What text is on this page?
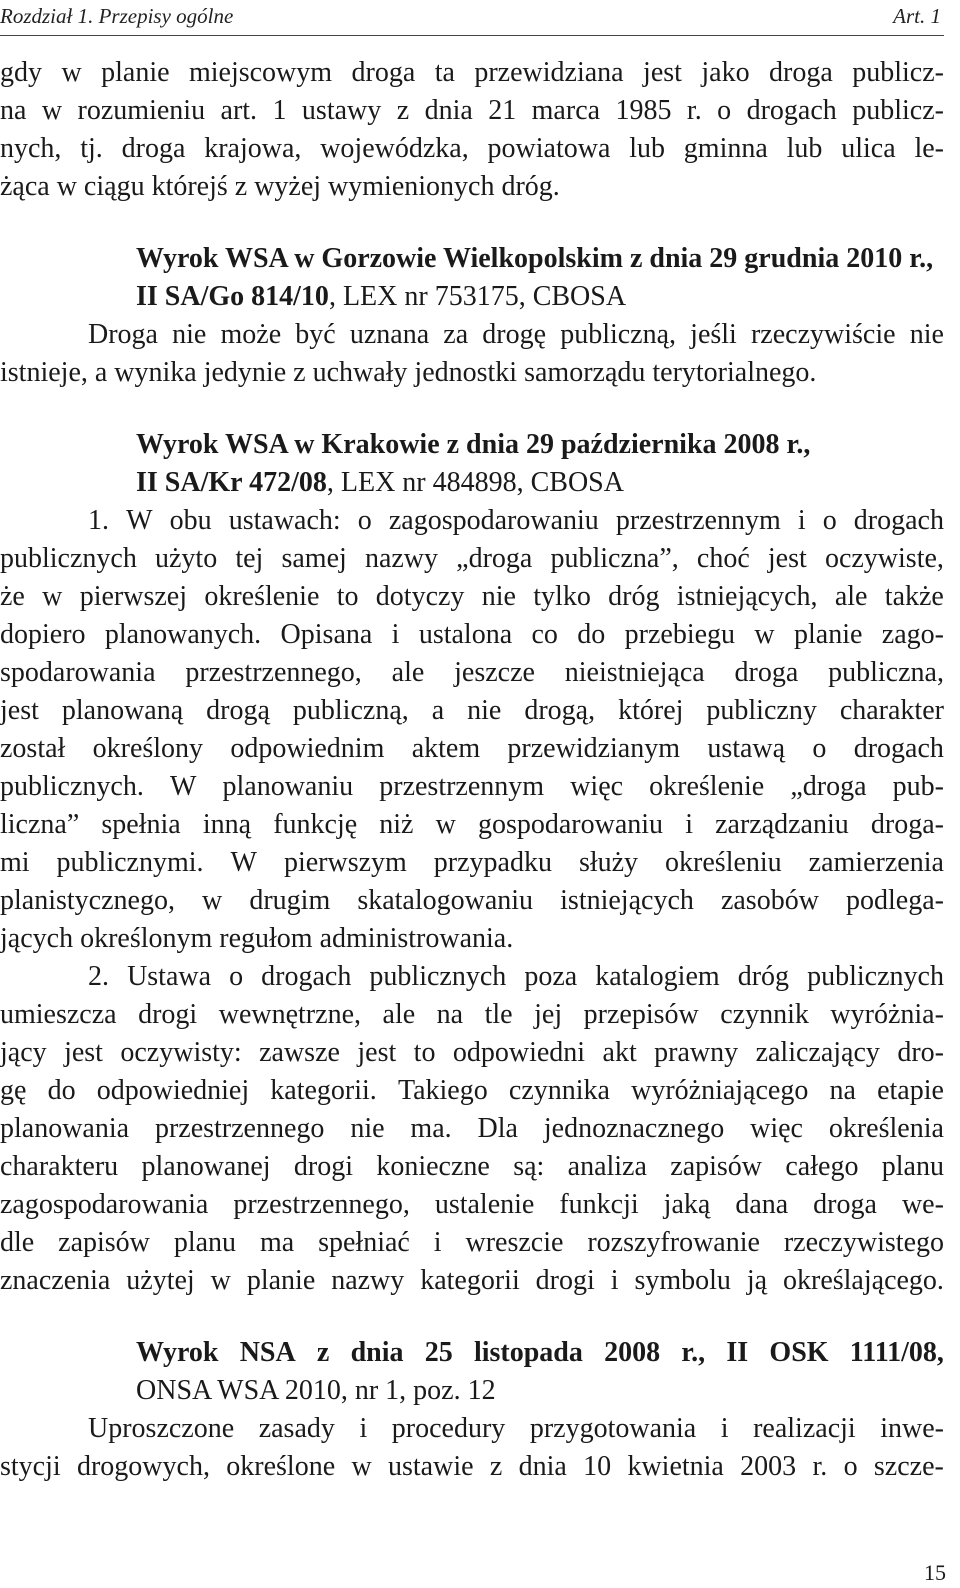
Rozdział 1. Przepisy ogólne	Art. 1
gdy w planie miejscowym droga ta przewidziana jest jako droga publicz-
na w rozumieniu art. 1 ustawy z dnia 21 marca 1985 r. o drogach publicz-
nych, tj. droga krajowa, wojewódzka, powiatowa lub gminna lub ulica le-
żąca w ciągu którejś z wyżej wymienionych dróg.
Wyrok WSA w Gorzowie Wielkopolskim z dnia 29 grudnia 2010 r.,
II SA/Go 814/10 , LEX nr 753175, CBOSA
Droga nie może być uznana za drogę publiczną, jeśli rzeczywiście nie
istnieje, a wynika jedynie z uchwały jednostki samorządu terytorialnego.
Wyrok WSA w Krakowie z dnia 29 października 2008 r.,
II SA/Kr 472/08 , LEX nr 484898, CBOSA
1. W obu ustawach: o zagospodarowaniu przestrzennym i o drogach
publicznych użyto tej samej nazwy „droga publiczna”, choć jest oczywiste,
że w pierwszej określenie to dotyczy nie tylko dróg istniejących, ale także
dopiero planowanych. Opisana i ustalona co do przebiegu w planie zago-
spodarowania przestrzennego, ale jeszcze nieistniejąca droga publiczna,
jest planowaną drogą publiczną, a nie drogą, której publiczny charakter
został określony odpowiednim aktem przewidzianym ustawą o drogach
publicznych. W planowaniu przestrzennym więc określenie „droga pub-
liczna” spełnia inną funkcję niż w gospodarowaniu i zarządzaniu droga-
mi publicznymi. W pierwszym przypadku służy określeniu zamierzenia
planistycznego, w drugim skatalogowaniu istniejących zasobów podlega-
jących określonym regułom administrowania.
2. Ustawa o drogach publicznych poza katalogiem dróg publicznych
umieszcza drogi wewnętrzne, ale na tle jej przepisów czynnik wyróżnia-
jący jest oczywisty: zawsze jest to odpowiedni akt prawny zaliczający dro-
gę do odpowiedniej kategorii. Takiego czynnika wyróżniającego na etapie
planowania przestrzennego nie ma. Dla jednoznacznego więc określenia
charakteru planowanej drogi konieczne są: analiza zapisów całego planu
zagospodarowania przestrzennego, ustalenie funkcji jaką dana droga we-
dle zapisów planu ma spełniać i wreszcie rozszyfrowanie rzeczywistego
znaczenia użytej w planie nazwy kategorii drogi i symbolu ją określającego.
Wyrok NSA z dnia 25 listopada 2008 r., II OSK 1111/08,
ONSA WSA 2010, nr 1, poz. 12
Uproszczone zasady i procedury przygotowania i realizacji inwe-
stycji drogowych, określone w ustawie z dnia 10 kwietnia 2003 r. o szcze-
15
